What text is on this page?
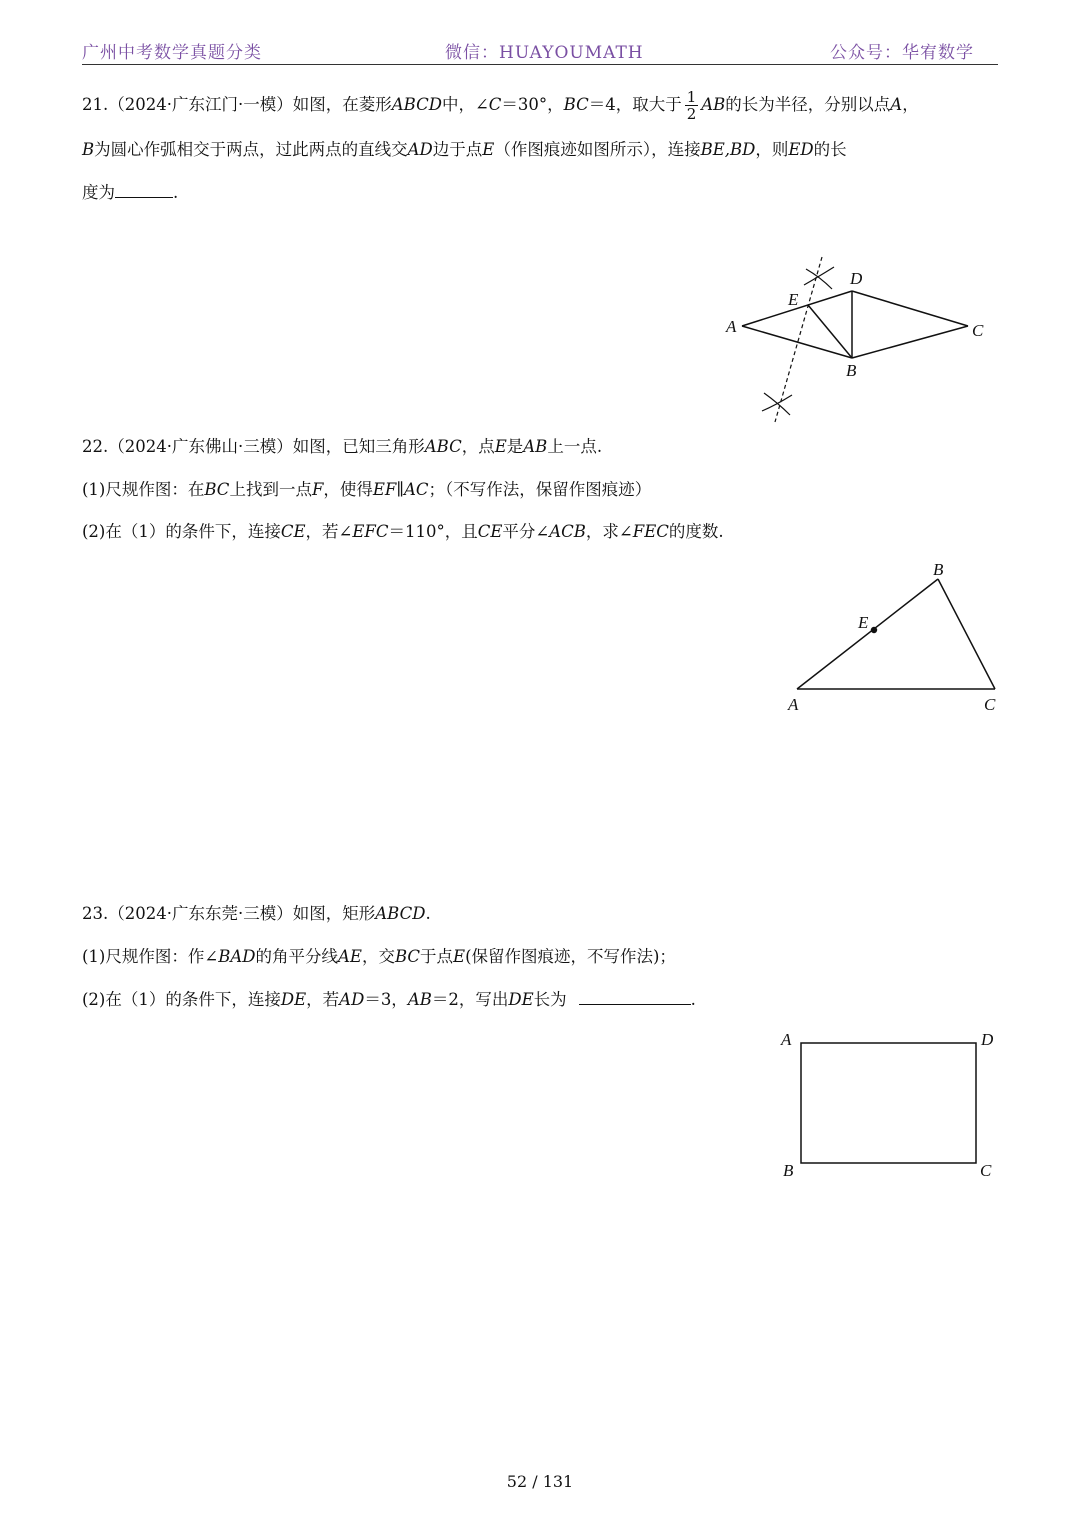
广州中考数学真题分类	微信：HUAYOUMATH	公众号：华宥数学
21.（2024·广东江门·一模）如图，在菱形ABCD中，∠C＝30°，BC＝4，取大于 $\frac{1}{2}$ AB的长为半径，分别以点A，
B为圆心作弧相交于两点，过此两点的直线交AD边于点E（作图痕迹如图所示），连接BE,BD，则ED的长
度为	.
A
D
C
B
E
22.（2024·广东佛山·三模）如图，已知三角形ABC，点E是AB上一点.
(1)尺规作图：在BC上找到一点F，使得EF∥AC；（不写作法，保留作图痕迹）
(2)在（1）的条件下，连接CE，若∠EFC＝110°，且CE平分∠ACB，求∠FEC的度数.
B
E
A	C
23.（2024·广东东莞·三模）如图，矩形ABCD.
(1)尺规作图：作∠BAD的角平分线AE，交BC于点E(保留作图痕迹，不写作法)；
(2)在（1）的条件下，连接DE，若AD＝3，AB＝2，写出DE长为	.
A	D
B	C
52 / 131
